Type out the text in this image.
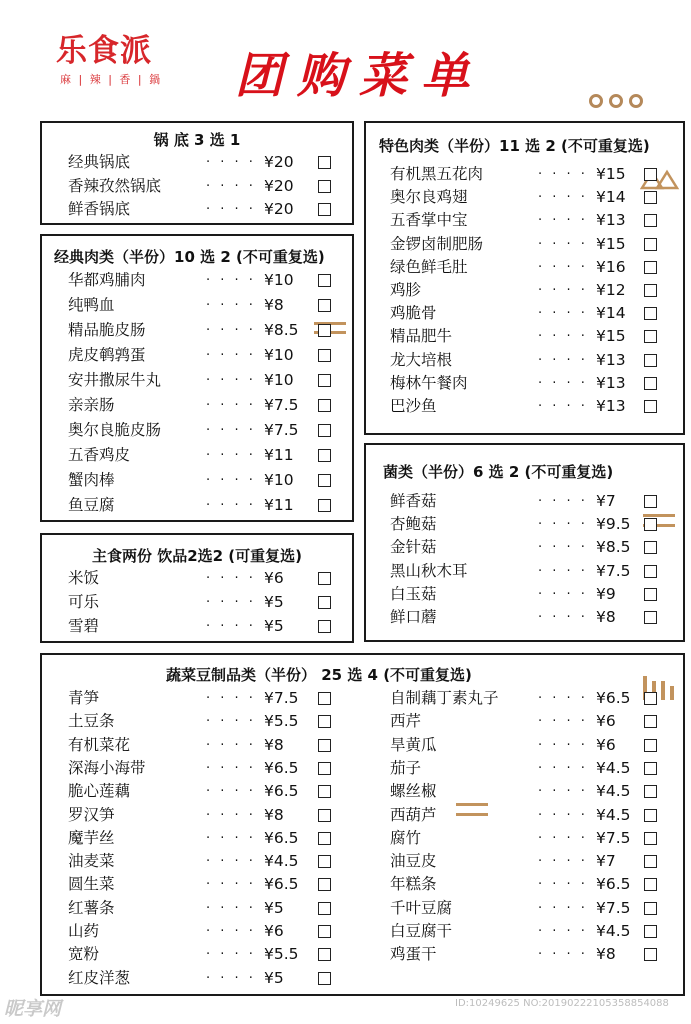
乐食派
麻 | 辣 | 香 | 鍋 团购菜单
锅 底 3 选 1
经典肉类（半份）10 选 2 (不可重复选)
主食两份 饮品2选2 (可重复选)
特色肉类（半份）11 选 2 (不可重复选)
菌类（半份）6 选 2 (不可重复选)
蔬菜豆制品类（半份） 25 选 4 (不可重复选)
经典锅底	· · · · ¥20
香辣孜然锅底	· · · · ¥20
鲜香锅底	· · · · ¥20
华都鸡脯肉	· · · · ¥10
纯鸭血	· · · · ¥8
精品脆皮肠	· · · · ¥8.5
虎皮鹌鹑蛋	· · · · ¥10
安井撒尿牛丸	· · · · ¥10
亲亲肠	· · · · ¥7.5
奥尔良脆皮肠	· · · · ¥7.5
五香鸡皮	· · · · ¥11
蟹肉棒	· · · · ¥10
鱼豆腐	· · · · ¥11
米饭	· · · · ¥6
可乐	· · · · ¥5
雪碧	· · · · ¥5
有机黑五花肉	· · · · ¥15
奥尔良鸡翅	· · · · ¥14
五香掌中宝	· · · · ¥13
金锣卤制肥肠	· · · · ¥15
绿色鲜毛肚	· · · · ¥16
鸡胗	· · · · ¥12
鸡脆骨	· · · · ¥14
精品肥牛	· · · · ¥15
龙大培根	· · · · ¥13
梅林午餐肉	· · · · ¥13
巴沙鱼	· · · · ¥13
鲜香菇	· · · · ¥7
杏鲍菇	· · · · ¥9.5
金针菇	· · · · ¥8.5
黑山秋木耳	· · · · ¥7.5
白玉菇	· · · · ¥9
鲜口蘑	· · · · ¥8
青笋	· · · · ¥7.5
土豆条	· · · · ¥5.5
有机菜花	· · · · ¥8
深海小海带	· · · · ¥6.5
脆心莲藕	· · · · ¥6.5
罗汉笋	· · · · ¥8
魔芋丝	· · · · ¥6.5
油麦菜	· · · · ¥4.5
圆生菜	· · · · ¥6.5
红薯条	· · · · ¥5
山药	· · · · ¥6
宽粉	· · · · ¥5.5
红皮洋葱	· · · · ¥5
自制藕丁素丸子	· · · · ¥6.5
西芹	· · · · ¥6
旱黄瓜	· · · · ¥6
茄子	· · · · ¥4.5
螺丝椒	· · · · ¥4.5
西葫芦	· · · · ¥4.5
腐竹	· · · · ¥7.5
油豆皮	· · · · ¥7
年糕条	· · · · ¥6.5
千叶豆腐	· · · · ¥7.5
白豆腐干	· · · · ¥4.5
鸡蛋干	· · · · ¥8
昵享网	ID:10249625 NO:20190222105358854088
